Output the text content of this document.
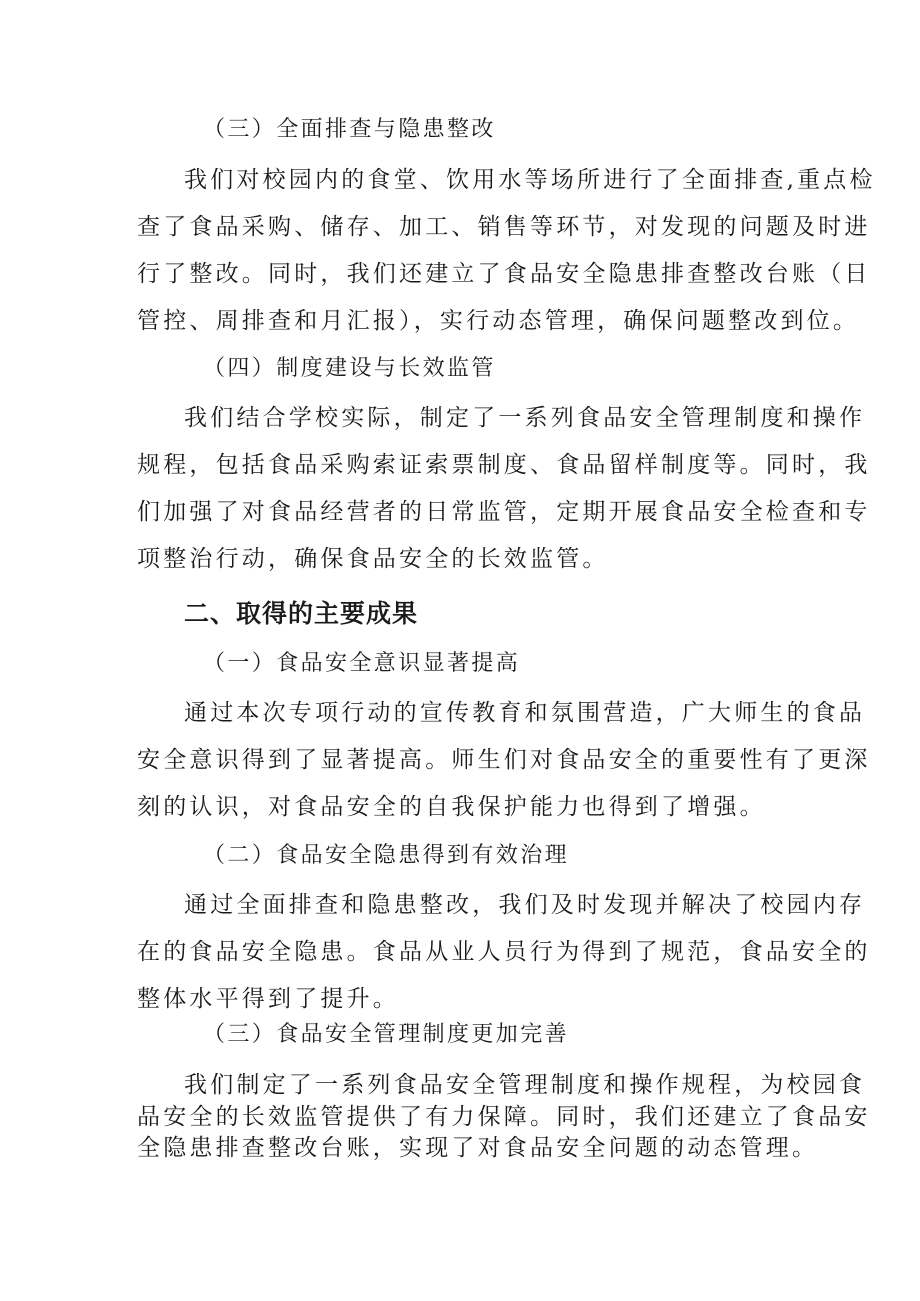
（三）全面排查与隐患整改

我们对校园内的食堂、饮用水等场所进行了全面排查,重点检

查了食品采购、储存、加工、销售等环节，对发现的问题及时进

行了整改。同时，我们还建立了食品安全隐患排查整改台账（日

管控、周排查和月汇报），实行动态管理，确保问题整改到位。

（四）制度建设与长效监管

我们结合学校实际，制定了一系列食品安全管理制度和操作

规程，包括食品采购索证索票制度、食品留样制度等。同时，我

们加强了对食品经营者的日常监管，定期开展食品安全检查和专

项整治行动，确保食品安全的长效监管。

二、取得的主要成果

（一）食品安全意识显著提高

通过本次专项行动的宣传教育和氛围营造，广大师生的食品

安全意识得到了显著提高。师生们对食品安全的重要性有了更深

刻的认识，对食品安全的自我保护能力也得到了增强。

（二）食品安全隐患得到有效治理

通过全面排查和隐患整改，我们及时发现并解决了校园内存

在的食品安全隐患。食品从业人员行为得到了规范，食品安全的

整体水平得到了提升。

（三）食品安全管理制度更加完善

我们制定了一系列食品安全管理制度和操作规程，为校园食

品安全的长效监管提供了有力保障。同时，我们还建立了食品安

全隐患排查整改台账，实现了对食品安全问题的动态管理。
